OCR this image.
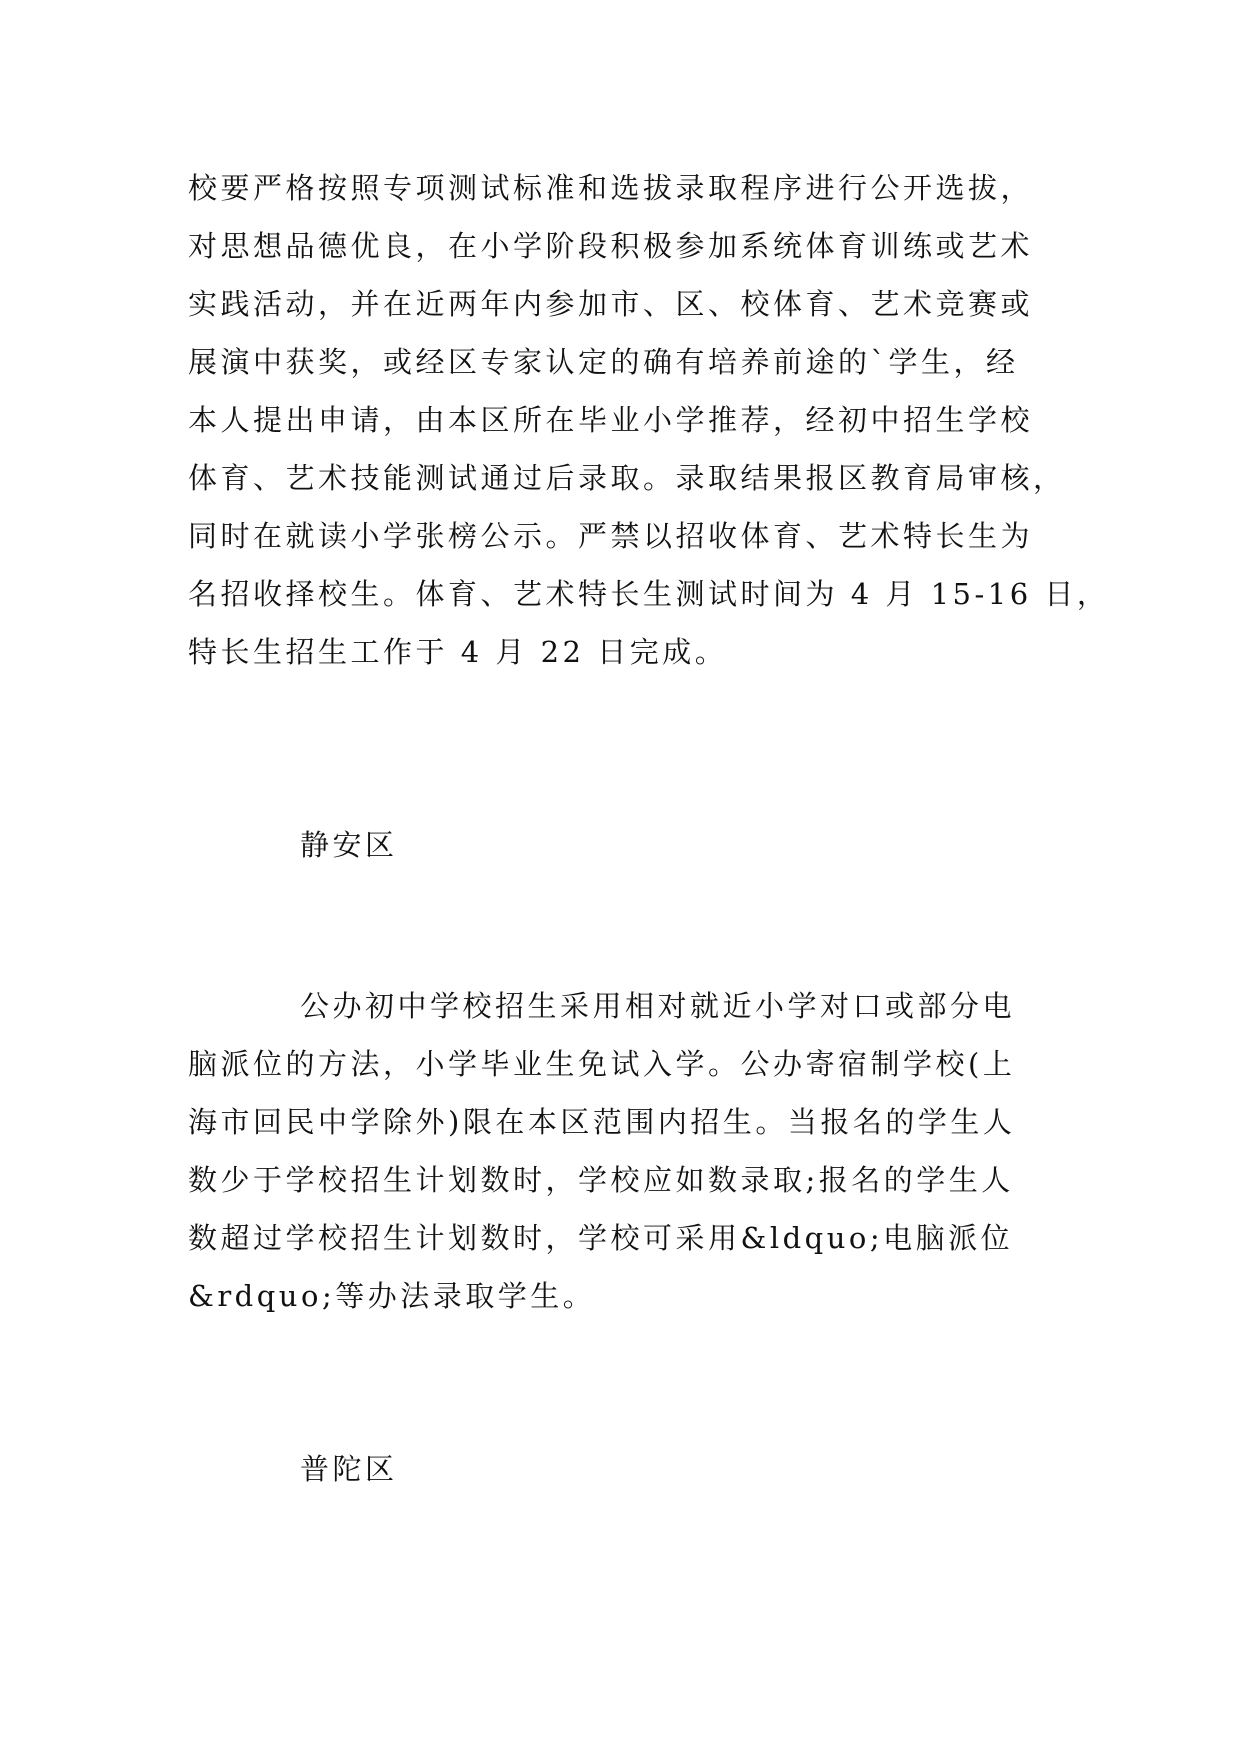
校要严格按照专项测试标准和选拔录取程序进行公开选拔，
对思想品德优良，在小学阶段积极参加系统体育训练或艺术
实践活动，并在近两年内参加市、区、校体育、艺术竞赛或
展演中获奖，或经区专家认定的确有培养前途的`学生，经
本人提出申请，由本区所在毕业小学推荐，经初中招生学校
体育、艺术技能测试通过后录取。录取结果报区教育局审核，
同时在就读小学张榜公示。严禁以招收体育、艺术特长生为
名招收择校生。体育、艺术特长生测试时间为 4 月 15-16 日，
特长生招生工作于 4 月 22 日完成。
静安区
公办初中学校招生采用相对就近小学对口或部分电
脑派位的方法，小学毕业生免试入学。公办寄宿制学校(上
海市回民中学除外)限在本区范围内招生。当报名的学生人
数少于学校招生计划数时，学校应如数录取;报名的学生人
数超过学校招生计划数时，学校可采用&ldquo;电脑派位
&rdquo;等办法录取学生。
普陀区
